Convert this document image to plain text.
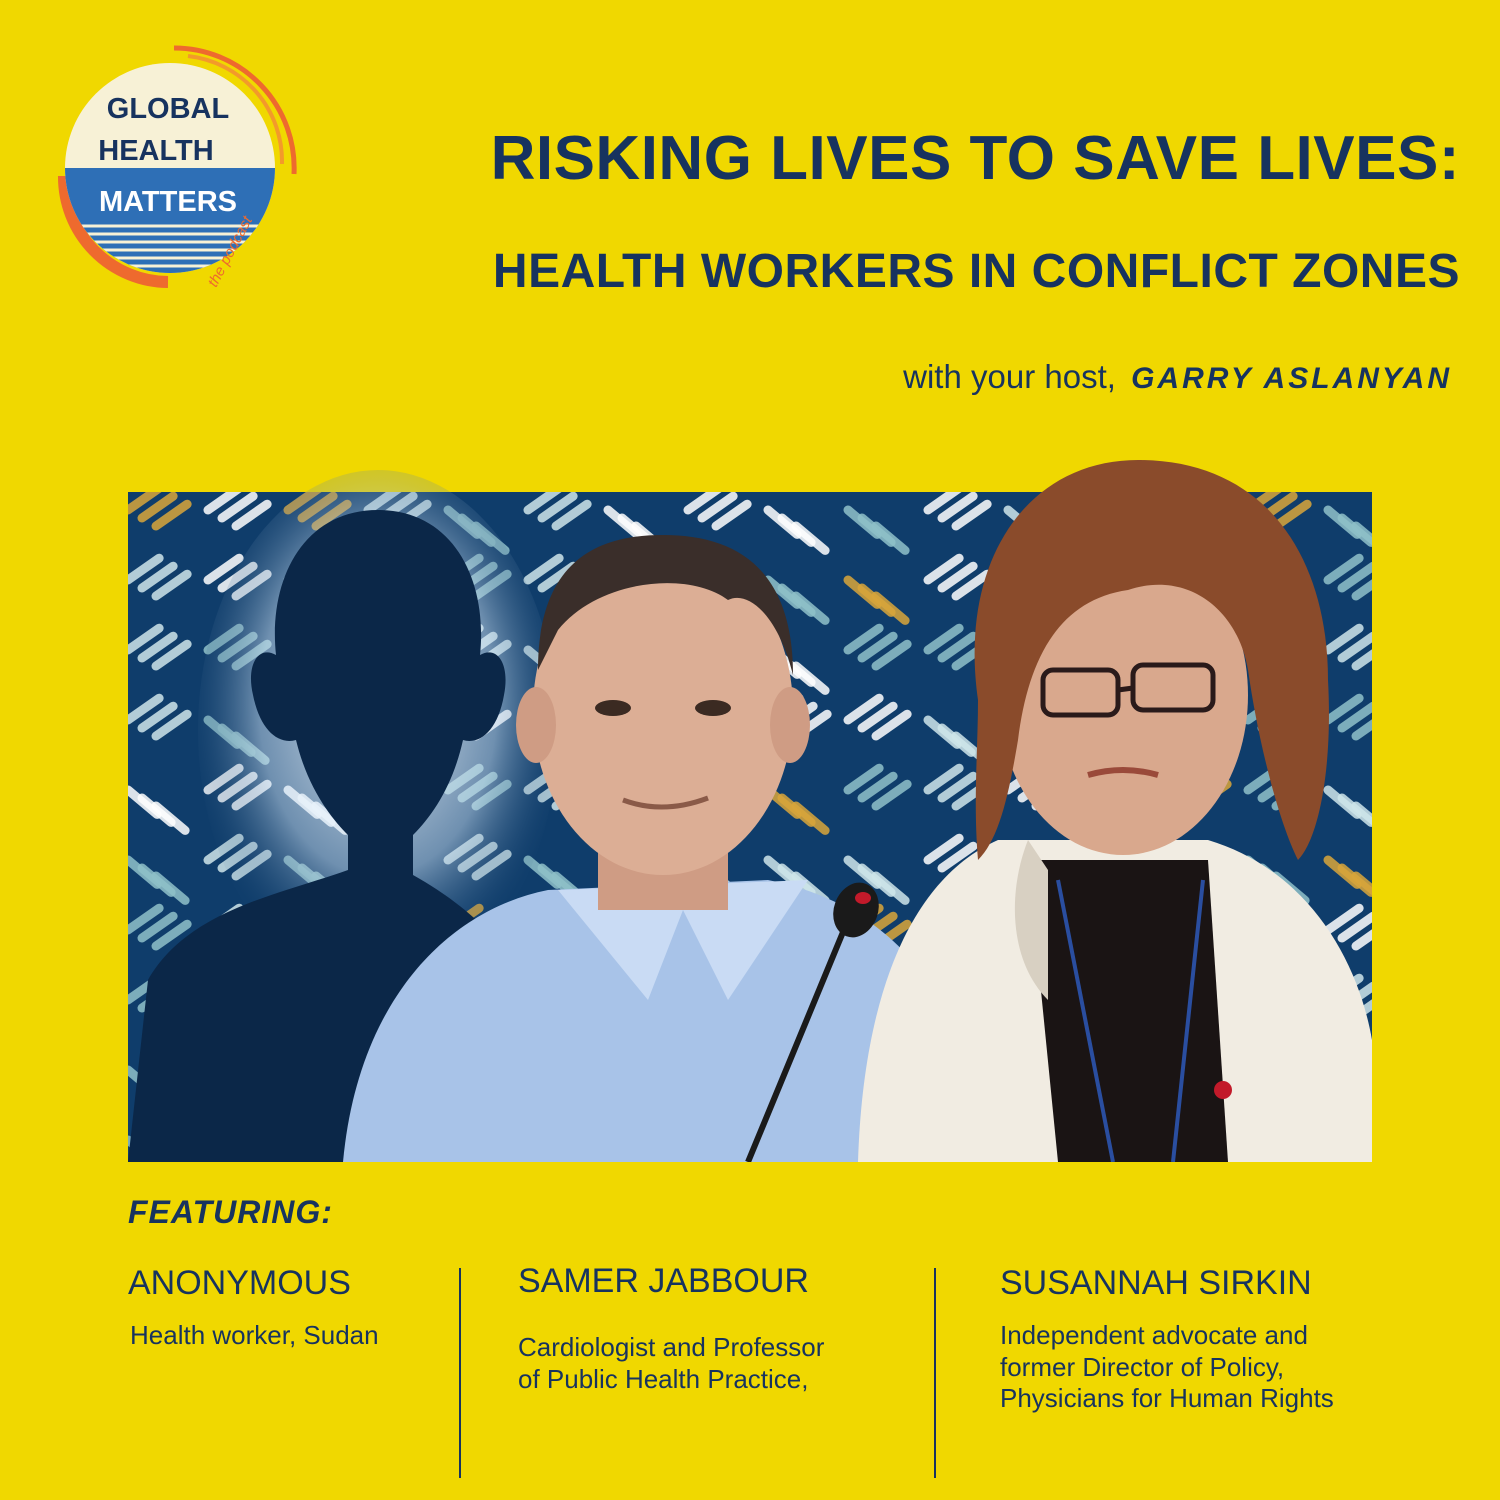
GLOBAL
HEALTH
MATTERS
the podcast
RISKING LIVES TO SAVE LIVES:
HEALTH WORKERS IN CONFLICT ZONES
with your host, GARRY ASLANYAN
FEATURING:
ANONYMOUS
Health worker, Sudan
SAMER JABBOUR
Cardiologist and Professor
of Public Health Practice,
SUSANNAH SIRKIN
Independent advocate and
former Director of Policy,
Physicians for Human Rights
